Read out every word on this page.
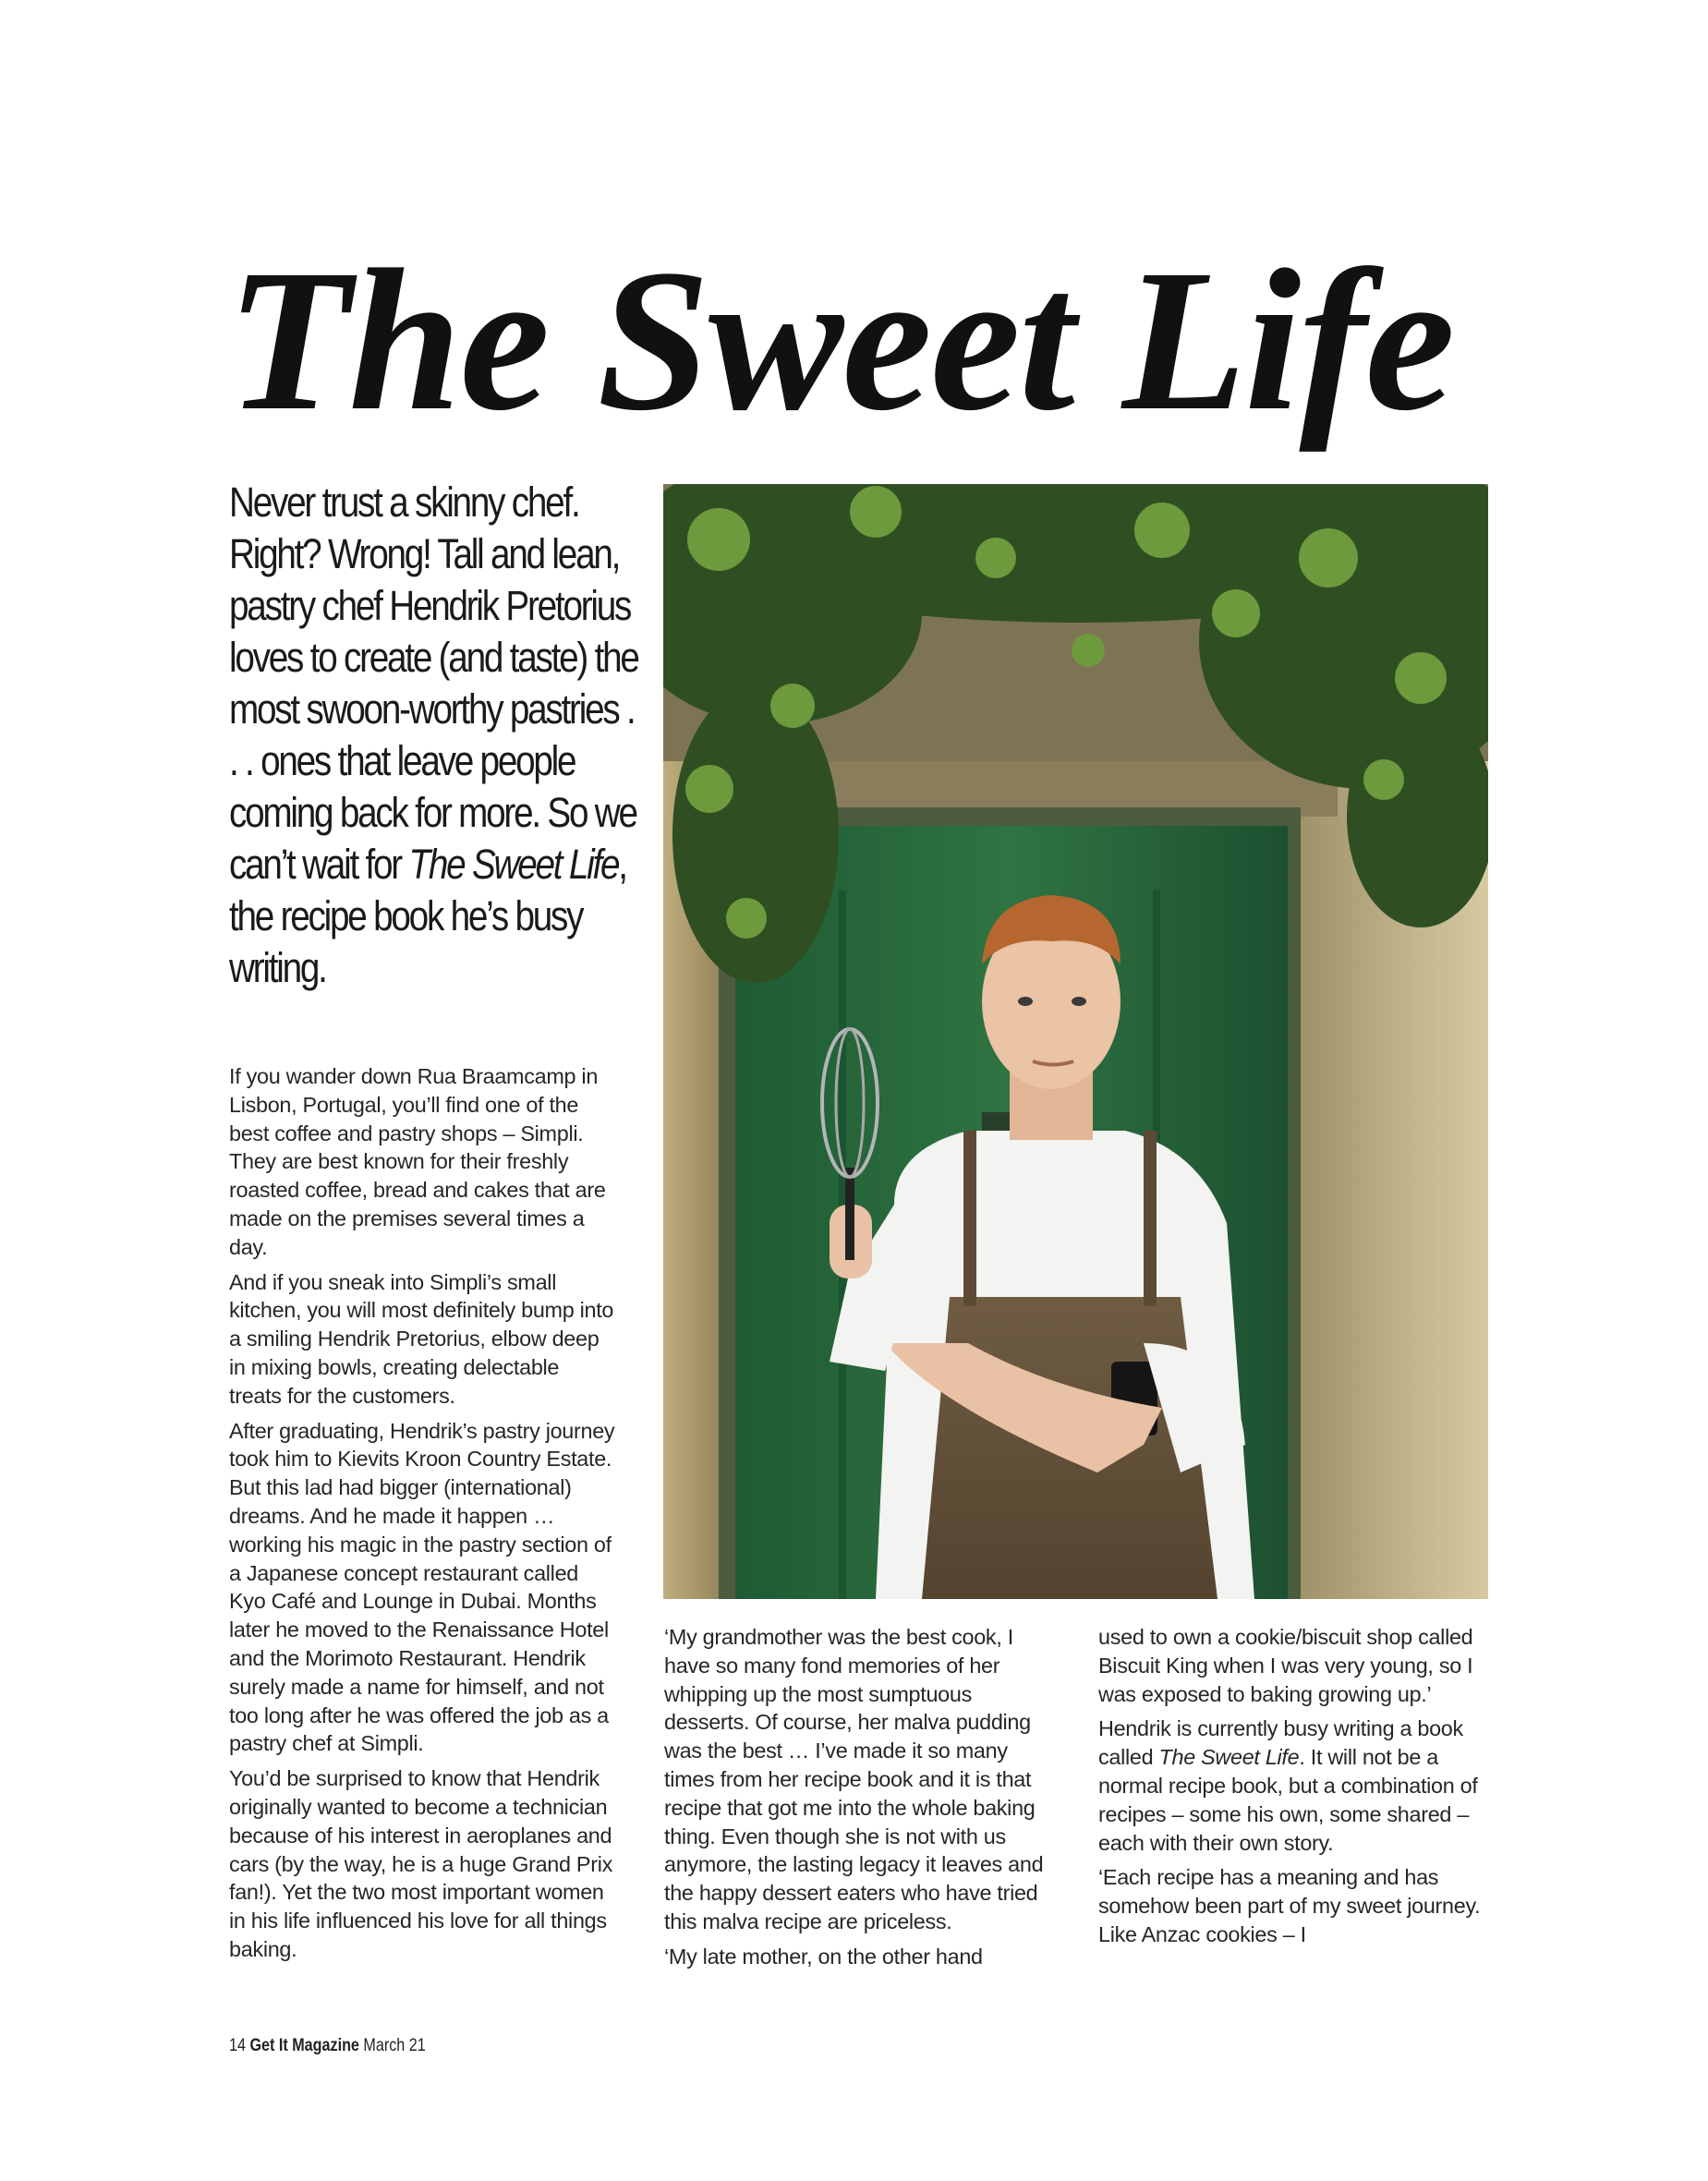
The Sweet Life

Never trust a skinny chef. Right? Wrong! Tall and lean, pastry chef Hendrik Pretorius loves to create (and taste) the most swoon-worthy pastries . . . ones that leave people coming back for more. So we can’t wait for The Sweet Life, the recipe book he’s busy writing.

If you wander down Rua Braamcamp in Lisbon, Portugal, you’ll find one of the best coffee and pastry shops – Simpli. They are best known for their freshly roasted coffee, bread and cakes that are made on the premises several times a day.

And if you sneak into Simpli’s small kitchen, you will most definitely bump into a smiling Hendrik Pretorius, elbow deep in mixing bowls, creating delectable treats for the customers.

After graduating, Hendrik’s pastry journey took him to Kievits Kroon Country Estate. But this lad had bigger (international) dreams. And he made it happen … working his magic in the pastry section of a Japanese concept restaurant called Kyo Café and Lounge in Dubai. Months later he moved to the Renaissance Hotel and the Morimoto Restaurant. Hendrik surely made a name for himself, and not too long after he was offered the job as a pastry chef at Simpli.

You’d be surprised to know that Hendrik originally wanted to become a technician because of his interest in aeroplanes and cars (by the way, he is a huge Grand Prix fan!). Yet the two most important women in his life influenced his love for all things baking.

‘My grandmother was the best cook, I have so many fond memories of her whipping up the most sumptuous desserts. Of course, her malva pudding was the best … I’ve made it so many times from her recipe book and it is that recipe that got me into the whole baking thing. Even though she is not with us anymore, the lasting legacy it leaves and the happy dessert eaters who have tried this malva recipe are priceless.

‘My late mother, on the other hand

used to own a cookie/biscuit shop called Biscuit King when I was very young, so I was exposed to baking growing up.’

Hendrik is currently busy writing a book called The Sweet Life. It will not be a normal recipe book, but a combination of recipes – some his own, some shared – each with their own story.

‘Each recipe has a meaning and has somehow been part of my sweet journey. Like Anzac cookies – I

14 Get It Magazine March 21
